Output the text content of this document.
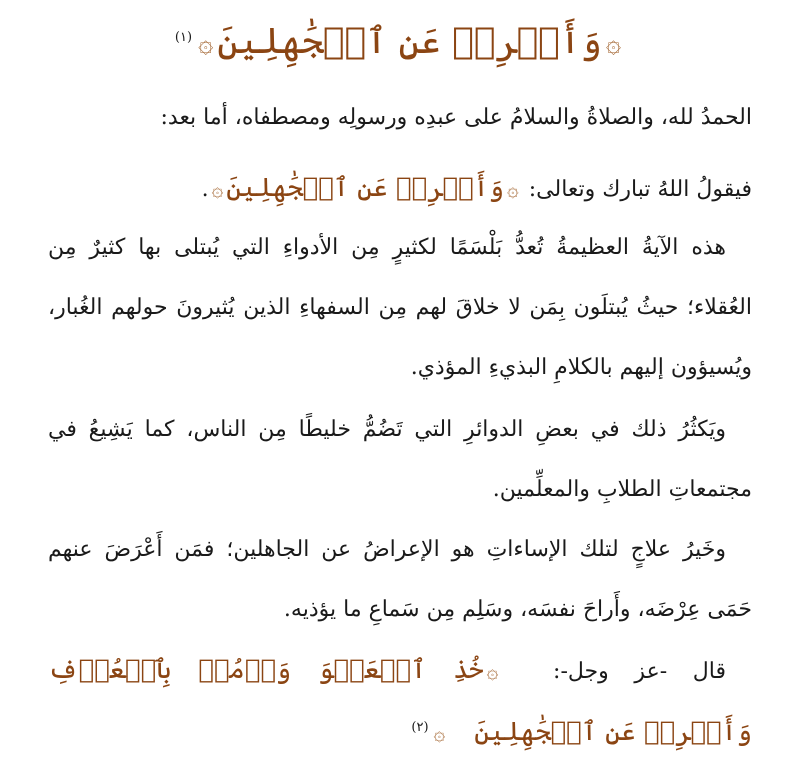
۞وَأَعۡرِضۡ عَنِ ٱلۡجَٰهِلِينَ۞$^{(١)}$
الحمدُ لله، والصلاةُ والسلامُ على عبدِه ورسولِه ومصطفاه، أما بعد:
فيقولُ اللهُ تبارك وتعالى: ۞وَأَعۡرِضۡ عَنِ ٱلۡجَٰهِلِينَ۞.
هذه الآيةُ العظيمةُ تُعدُّ بَلْسَمًا لكثيرٍ مِن الأدواءِ التي يُبتلى بها كثيرٌ مِن العُقلاء؛ حيثُ يُبتلَون بِمَن لا خلاقَ لهم مِن السفهاءِ الذين يُثيرونَ حولهم الغُبار، ويُسيؤون إليهم بالكلامِ البذيءِ المؤذي.
ويَكثُرُ ذلك في بعضِ الدوائرِ التي تَضُمُّ خليطًا مِن الناس، كما يَشِيعُ في مجتمعاتِ الطلابِ والمعلِّمين.
وخَيرُ علاجٍ لتلك الإساءاتِ هو الإعراضُ عن الجاهلين؛ فمَن أَعْرَضَ عنهم حَمَى عِرْضَه، وأَراحَ نفسَه، وسَلِم مِن سَماعِ ما يؤذيه.
قال -عز وجل-: ۞خُذِ ٱلۡعَفۡوَ وَأۡمُرۡ بِٱلۡعُرۡفِ وَأَعۡرِضۡ عَنِ ٱلۡجَٰهِلِينَ۞$^{(٢)}$
